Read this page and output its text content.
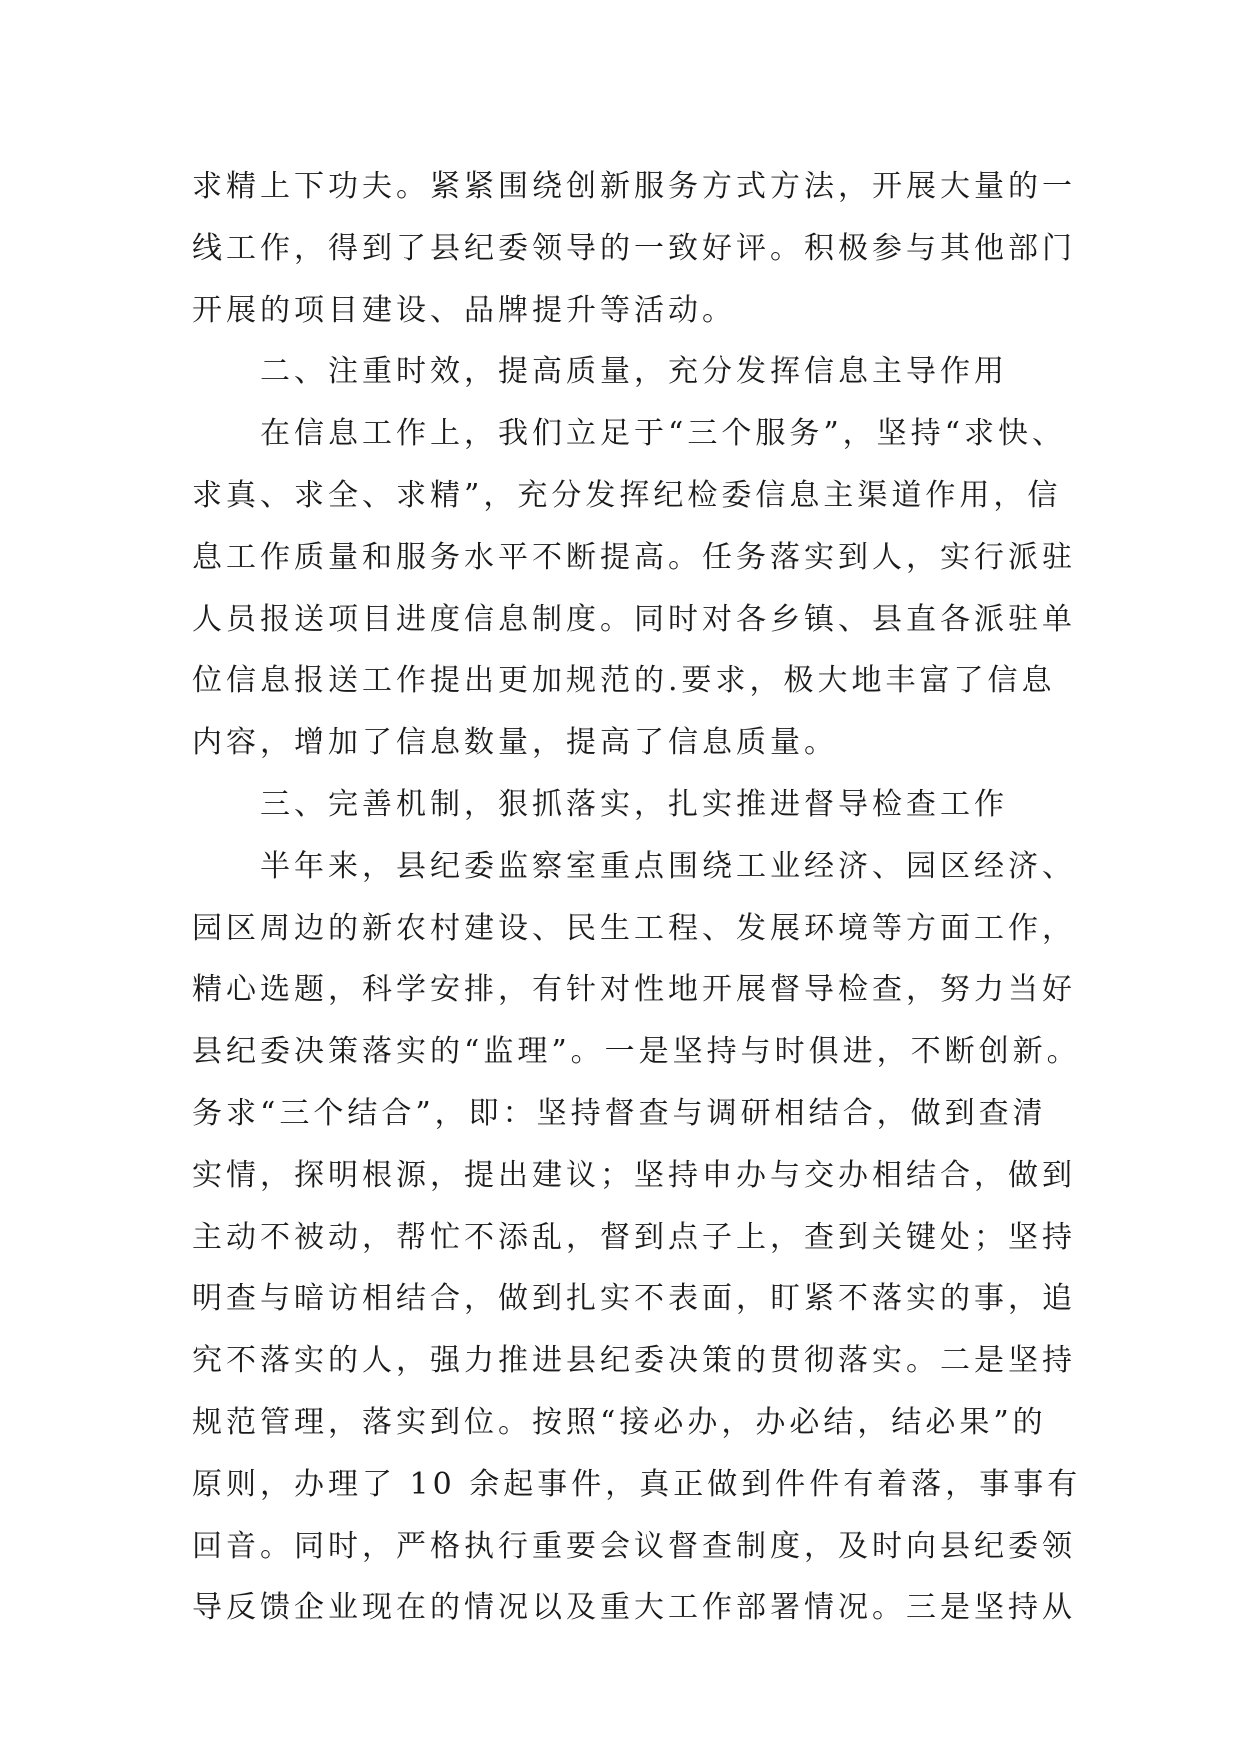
求精上下功夫。紧紧围绕创新服务方式方法，开展大量的一
线工作，得到了县纪委领导的一致好评。积极参与其他部门
开展的项目建设、品牌提升等活动。
二、注重时效，提高质量，充分发挥信息主导作用
在信息工作上，我们立足于“三个服务”，坚持“求快、
求真、求全、求精”，充分发挥纪检委信息主渠道作用，信
息工作质量和服务水平不断提高。任务落实到人，实行派驻
人员报送项目进度信息制度。同时对各乡镇、县直各派驻单
位信息报送工作提出更加规范的.要求，极大地丰富了信息
内容，增加了信息数量，提高了信息质量。
三、完善机制，狠抓落实，扎实推进督导检查工作
半年来，县纪委监察室重点围绕工业经济、园区经济、
园区周边的新农村建设、民生工程、发展环境等方面工作，
精心选题，科学安排，有针对性地开展督导检查，努力当好
县纪委决策落实的“监理”。一是坚持与时俱进，不断创新。
务求“三个结合”，即：坚持督查与调研相结合，做到查清
实情，探明根源，提出建议；坚持申办与交办相结合，做到
主动不被动，帮忙不添乱，督到点子上，查到关键处；坚持
明查与暗访相结合，做到扎实不表面，盯紧不落实的事，追
究不落实的人，强力推进县纪委决策的贯彻落实。二是坚持
规范管理，落实到位。按照“接必办，办必结，结必果”的
原则，办理了 10 余起事件，真正做到件件有着落，事事有
回音。同时，严格执行重要会议督查制度，及时向县纪委领
导反馈企业现在的情况以及重大工作部署情况。三是坚持从
